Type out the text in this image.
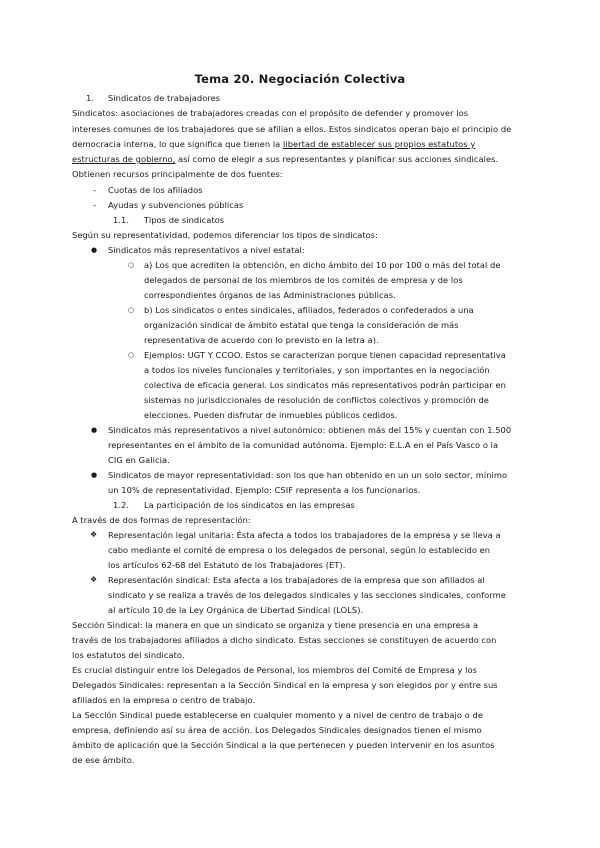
Tema 20. Negociación Colectiva
1. Sindicatos de trabajadores
Sindicatos: asociaciones de trabajadores creadas con el propósito de defender y promover los
intereses comunes de los trabajadores que se afilian a ellos. Estos sindicatos operan bajo el principio de
democracia interna, lo que significa que tienen la libertad de establecer sus propios estatutos y
estructuras de gobierno, así como de elegir a sus representantes y planificar sus acciones sindicales.
Obtienen recursos principalmente de dos fuentes:
- Cuotas de los afiliados
- Ayudas y subvenciones públicas
1.1. Tipos de sindicatos
Según su representatividad, podemos diferenciar los tipos de sindicatos:
● Sindicatos más representativos a nivel estatal:
○ a) Los que acrediten la obtención, en dicho ámbito del 10 por 100 o más del total de
delegados de personal de los miembros de los comités de empresa y de los
correspondientes órganos de las Administraciones públicas.
○ b) Los sindicatos o entes sindicales, afiliados, federados o confederados a una
organización sindical de ámbito estatal que tenga la consideración de más
representativa de acuerdo con lo previsto en la letra a).
○ Ejemplos: UGT Y CCOO. Estos se caracterizan porque tienen capacidad representativa
a todos los niveles funcionales y territoriales, y son importantes en la negociación
colectiva de eficacia general. Los sindicatos más representativos podrán participar en
sistemas no jurisdiccionales de resolución de conflictos colectivos y promoción de
elecciones. Pueden disfrutar de inmuebles públicos cedidos.
● Sindicatos más representativos a nivel autonómico: obtienen más del 15% y cuentan con 1.500
representantes en el ámbito de la comunidad autónoma. Ejemplo: E.L.A en el País Vasco o la
CIG en Galicia.
● Sindicatos de mayor representatividad: son los que han obtenido en un un solo sector, mínimo
un 10% de representatividad. Ejemplo: CSIF representa a los funcionarios.
1.2. La participación de los sindicatos en las empresas
A través de dos formas de representación:
❖ Representación legal unitaria: Ésta afecta a todos los trabajadores de la empresa y se lleva a
cabo mediante el comité de empresa o los delegados de personal, según lo establecido en
los artículos 62-68 del Estatuto de los Trabajadores (ET).
❖ Representación sindical: Esta afecta a los trabajadores de la empresa que son afiliados al
sindicato y se realiza a través de los delegados sindicales y las secciones sindicales, conforme
al artículo 10 de la Ley Orgánica de Libertad Sindical (LOLS).
Sección Sindical: la manera en que un sindicato se organiza y tiene presencia en una empresa a
través de los trabajadores afiliados a dicho sindicato. Estas secciones se constituyen de acuerdo con
los estatutos del sindicato.
Es crucial distinguir entre los Delegados de Personal, los miembros del Comité de Empresa y los
Delegados Sindicales: representan a la Sección Sindical en la empresa y son elegidos por y entre sus
afiliados en la empresa o centro de trabajo.
La Sección Sindical puede establecerse en cualquier momento y a nivel de centro de trabajo o de
empresa, definiendo así su área de acción. Los Delegados Sindicales designados tienen el mismo
ámbito de aplicación que la Sección Sindical a la que pertenecen y pueden intervenir en los asuntos
de ese ámbito.
